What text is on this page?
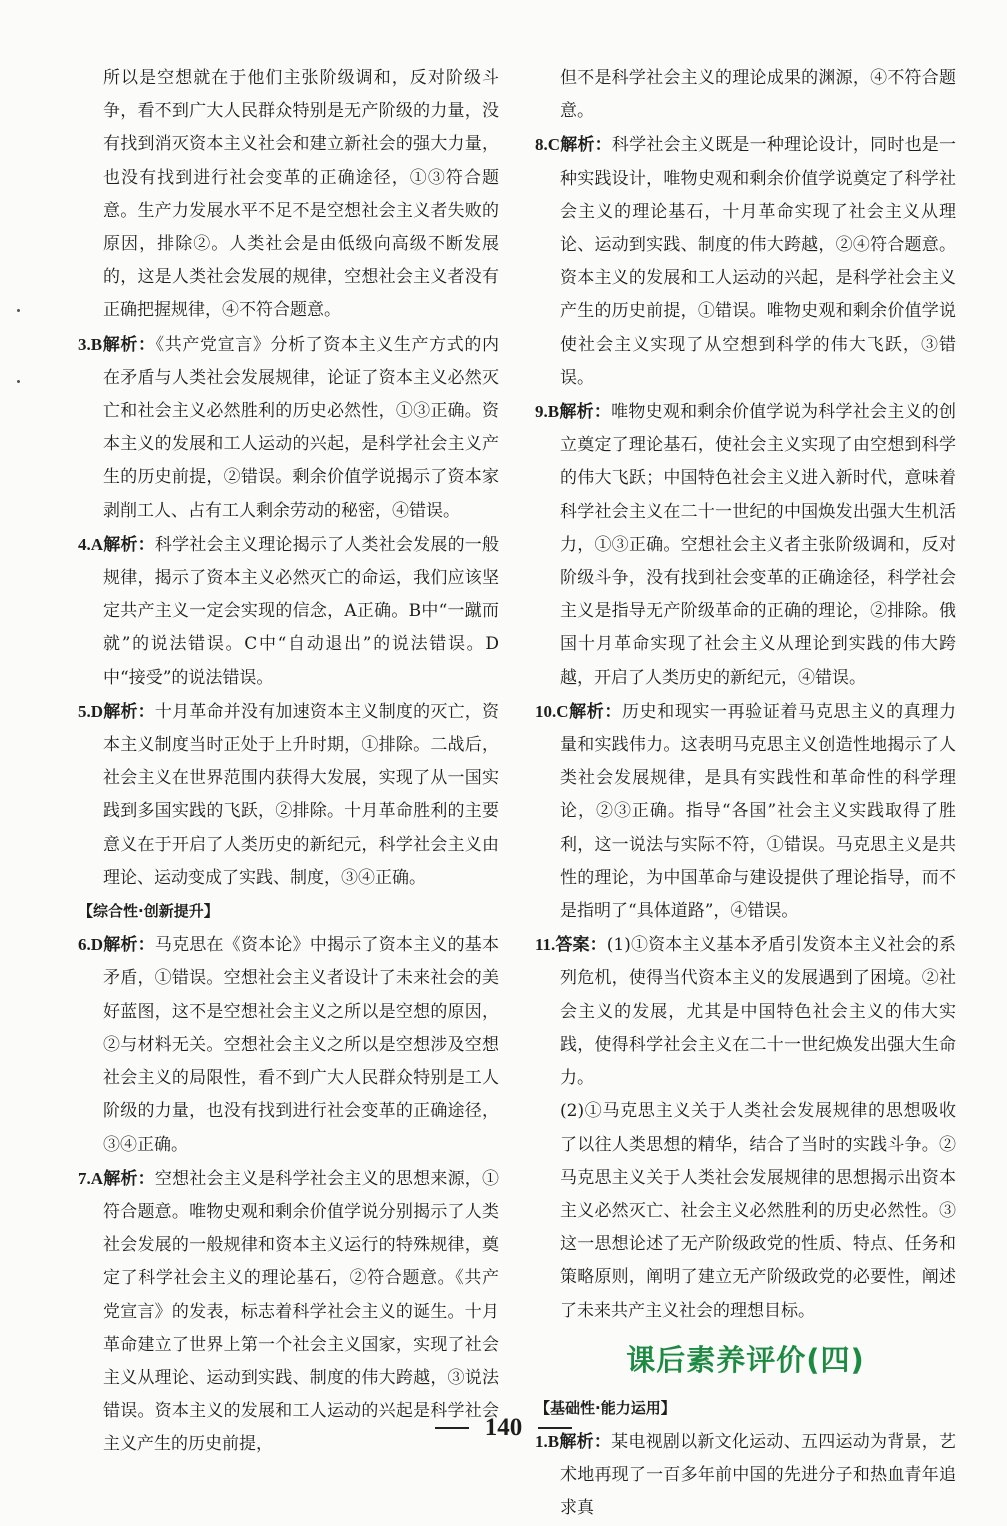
所以是空想就在于他们主张阶级调和，反对阶级斗争，看不到广大人民群众特别是无产阶级的力量，没有找到消灭资本主义社会和建立新社会的强大力量，也没有找到进行社会变革的正确途径，①③符合题意。生产力发展水平不足不是空想社会主义者失败的原因，排除②。人类社会是由低级向高级不断发展的，这是人类社会发展的规律，空想社会主义者没有正确把握规律，④不符合题意。

3.B解析：《共产党宣言》分析了资本主义生产方式的内在矛盾与人类社会发展规律，论证了资本主义必然灭亡和社会主义必然胜利的历史必然性，①③正确。资本主义的发展和工人运动的兴起，是科学社会主义产生的历史前提，②错误。剩余价值学说揭示了资本家剥削工人、占有工人剩余劳动的秘密，④错误。

4.A解析：科学社会主义理论揭示了人类社会发展的一般规律，揭示了资本主义必然灭亡的命运，我们应该坚定共产主义一定会实现的信念，A正确。B中“一蹴而就”的说法错误。C中“自动退出”的说法错误。D中“接受”的说法错误。

5.D解析：十月革命并没有加速资本主义制度的灭亡，资本主义制度当时正处于上升时期，①排除。二战后，社会主义在世界范围内获得大发展，实现了从一国实践到多国实践的飞跃，②排除。十月革命胜利的主要意义在于开启了人类历史的新纪元，科学社会主义由理论、运动变成了实践、制度，③④正确。

【综合性·创新提升】

6.D解析：马克思在《资本论》中揭示了资本主义的基本矛盾，①错误。空想社会主义者设计了未来社会的美好蓝图，这不是空想社会主义之所以是空想的原因，②与材料无关。空想社会主义之所以是空想涉及空想社会主义的局限性，看不到广大人民群众特别是工人阶级的力量，也没有找到进行社会变革的正确途径，③④正确。

7.A解析：空想社会主义是科学社会主义的思想来源，①符合题意。唯物史观和剩余价值学说分别揭示了人类社会发展的一般规律和资本主义运行的特殊规律，奠定了科学社会主义的理论基石，②符合题意。《共产党宣言》的发表，标志着科学社会主义的诞生。十月革命建立了世界上第一个社会主义国家，实现了社会主义从理论、运动到实践、制度的伟大跨越，③说法错误。资本主义的发展和工人运动的兴起是科学社会主义产生的历史前提，

但不是科学社会主义的理论成果的渊源，④不符合题意。

8.C解析：科学社会主义既是一种理论设计，同时也是一种实践设计，唯物史观和剩余价值学说奠定了科学社会主义的理论基石，十月革命实现了社会主义从理论、运动到实践、制度的伟大跨越，②④符合题意。资本主义的发展和工人运动的兴起，是科学社会主义产生的历史前提，①错误。唯物史观和剩余价值学说使社会主义实现了从空想到科学的伟大飞跃，③错误。

9.B解析：唯物史观和剩余价值学说为科学社会主义的创立奠定了理论基石，使社会主义实现了由空想到科学的伟大飞跃；中国特色社会主义进入新时代，意味着科学社会主义在二十一世纪的中国焕发出强大生机活力，①③正确。空想社会主义者主张阶级调和，反对阶级斗争，没有找到社会变革的正确途径，科学社会主义是指导无产阶级革命的正确的理论，②排除。俄国十月革命实现了社会主义从理论到实践的伟大跨越，开启了人类历史的新纪元，④错误。

10.C解析：历史和现实一再验证着马克思主义的真理力量和实践伟力。这表明马克思主义创造性地揭示了人类社会发展规律，是具有实践性和革命性的科学理论，②③正确。指导“各国”社会主义实践取得了胜利，这一说法与实际不符，①错误。马克思主义是共性的理论，为中国革命与建设提供了理论指导，而不是指明了“具体道路”，④错误。

11.答案：(1)①资本主义基本矛盾引发资本主义社会的系列危机，使得当代资本主义的发展遇到了困境。②社会主义的发展，尤其是中国特色社会主义的伟大实践，使得科学社会主义在二十一世纪焕发出强大生命力。

(2)①马克思主义关于人类社会发展规律的思想吸收了以往人类思想的精华，结合了当时的实践斗争。②马克思主义关于人类社会发展规律的思想揭示出资本主义必然灭亡、社会主义必然胜利的历史必然性。③这一思想论述了无产阶级政党的性质、特点、任务和策略原则，阐明了建立无产阶级政党的必要性，阐述了未来共产主义社会的理想目标。

课后素养评价(四)

【基础性·能力运用】

1.B解析：某电视剧以新文化运动、五四运动为背景，艺术地再现了一百多年前中国的先进分子和热血青年追求真

140
